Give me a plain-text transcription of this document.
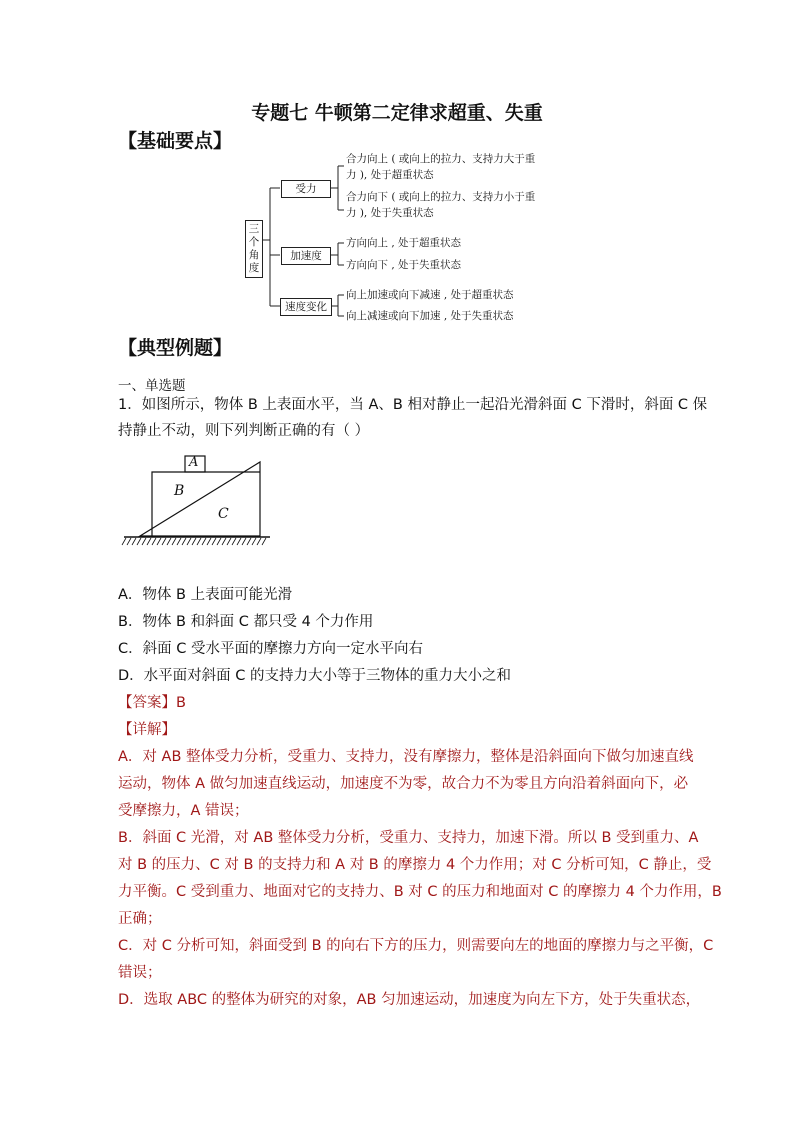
专题七 牛顿第二定律求超重、失重
【基础要点】
三个角度
受力
加速度
速度变化
合力向上 ( 或向上的拉力、支持力大于重
力 ), 处于超重状态
合力向下 ( 或向上的拉力、支持力小于重
力 ), 处于失重状态
方向向上 , 处于超重状态
方向向下 , 处于失重状态
向上加速或向下减速 , 处于超重状态
向上减速或向下加速 , 处于失重状态
【典型例题】
一、单选题
1．如图所示，物体 B 上表面水平，当 A、B 相对静止一起沿光滑斜面 C 下滑时，斜面 C 保
持静止不动，则下列判断正确的有（ ）
A
B
C
A．物体 B 上表面可能光滑
B．物体 B 和斜面 C 都只受 4 个力作用
C．斜面 C 受水平面的摩擦力方向一定水平向右
D．水平面对斜面 C 的支持力大小等于三物体的重力大小之和
【答案】B
【详解】
A．对 AB 整体受力分析，受重力、支持力，没有摩擦力，整体是沿斜面向下做匀加速直线
运动，物体 A 做匀加速直线运动，加速度不为零，故合力不为零且方向沿着斜面向下，必
受摩擦力，A 错误；
B．斜面 C 光滑，对 AB 整体受力分析，受重力、支持力，加速下滑。所以 B 受到重力、A
对 B 的压力、C 对 B 的支持力和 A 对 B 的摩擦力 4 个力作用；对 C 分析可知，C 静止，受
力平衡。C 受到重力、地面对它的支持力、B 对 C 的压力和地面对 C 的摩擦力 4 个力作用，B
正确；
C．对 C 分析可知，斜面受到 B 的向右下方的压力，则需要向左的地面的摩擦力与之平衡，C
错误；
D．选取 ABC 的整体为研究的对象，AB 匀加速运动，加速度为向左下方，处于失重状态，
